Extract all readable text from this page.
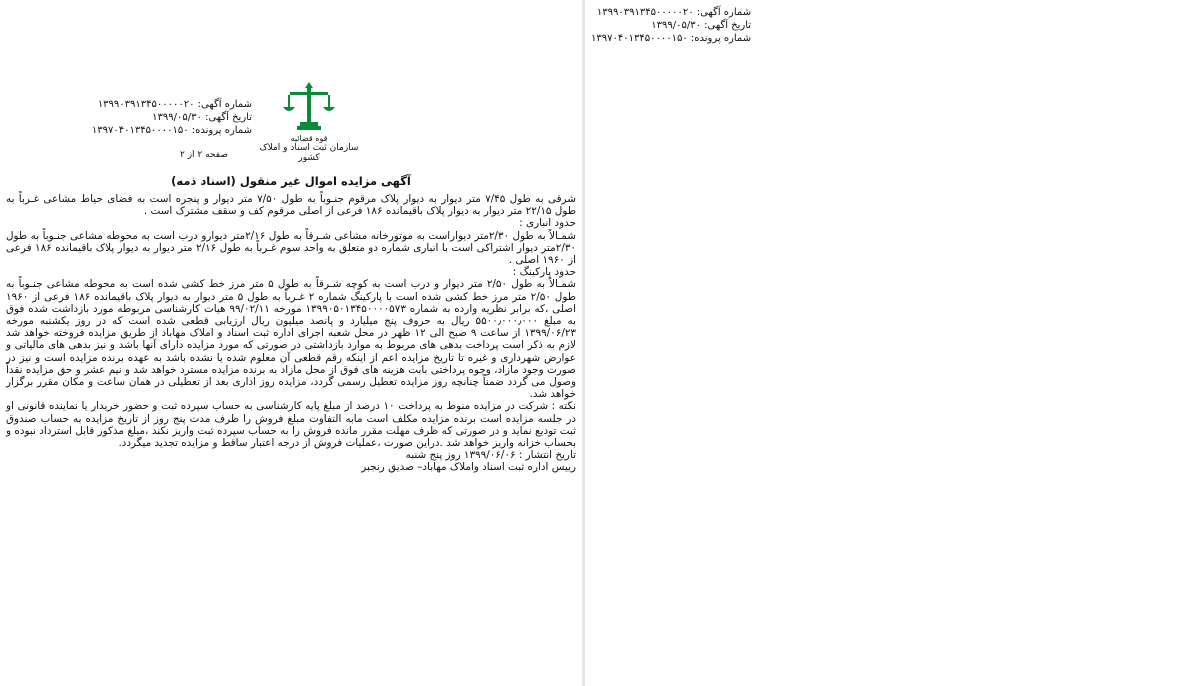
شماره آگهی: ۱۳۹۹۰۳۹۱۳۴۵۰۰۰۰۰۲۰
تاریخ آگهی: ۱۳۹۹/۰۵/۳۰
شماره پرونده: ۱۳۹۷۰۴۰۱۳۴۵۰۰۰۰۱۵۰
قوه قضائیه
سازمان ثبت اسناد و املاک کشور
صفحه ۲ از ۲
آگهی مزایده اموال غیر منقول (اسناد ذمه)

شرقی به طول ۷/۴۵ متر دیوار به دیوار پلاک مرقوم جنـوباً به طول ۷/۵۰ متر دیوار و پنجره است به فضای حیاط مشاعی غـرباً به طول ۲۲/۱۵ متر دیوار به دیوار پلاک باقیمانده ۱۸۶ فرعی از اصلی مرقوم کف و سقف مشترک است .

حدود انباری :

شمـالاً به طول ۲/۳۰متر دیواراست به موتورخانه مشاعی شـرقاً به طول ۲/۱۶متر دیوارو درب است به محوطه مشاعی جنـوباً به طول ۲/۳۰متر دیوار اشتراکی است با انباری شماره دو متعلق به واحد سوم غـرباً به طول ۲/۱۶ متر دیوار به دیوار پلاک باقیمانده ۱۸۶ فرعی از ۱۹۶۰ اصلی .

حدود پارکینگ :

شمـالاً به طول ۲/۵۰ متر دیوار و درب است به کوچه شـرقاً به طول ۵ متر مرز خط کشی شده است به محوطه مشاعی جنـوباً به طول ۲/۵۰ متر مرز خط کشی شده است با پارکینگ شماره ۲ غـرباً به طول ۵ متر دیوار به دیوار پلاک باقیمانده ۱۸۶ فرعی از ۱۹۶۰ اصلی ،که برابر نظریه وارده به شماره ۱۳۹۹۰۵۰۱۳۴۵۰۰۰۰۵۷۳ مورخه ۹۹/۰۲/۱۱ هیات کارشناسی مربوطه مورد بازداشت شده فوق به مبلغ ۵۵۰۰٫۰۰۰٫۰۰۰ ریال به حروف پنج میلیارد و پانصد میلیون ریال ارزیابی قطعی شده است که در روز یکشنبه مورخه ۱۳۹۹/۰۶/۲۳ از ساعت ۹ صبح الی ۱۲ ظهر در محل شعبه اجرای اداره ثبت اسناد و املاک مهاباد از طریق مزایده فروخته خواهد شد لازم به ذکر است پرداخت بدهی های مربوط به موارد بازداشتی در صورتی که مورد مزایده دارای آنها باشد و نیز بدهی های مالیاتی و عوارض شهرداری و غیره تا تاریخ مزایده اعم از اینکه رقم قطعی آن معلوم شده یا نشده باشد به عهده برنده مزایده است و نیز در صورت وجود مازاد، وجوه پرداختی بابت هزینه های فوق از محل مازاد به برنده مزایده مسترد خواهد شد و نیم عشر و حق مزایده نقداً وصول می گردد ضمناً چنانچه روز مزایده تعطیل رسمی گردد، مزایده روز اداری بعد از تعطیلی در همان ساعت و مکان مقرر برگزار خواهد شد.

نکته : شرکت در مزایده منوط به پرداخت ۱۰ درصد از مبلغ پایه کارشناسی به حساب سپرده ثبت و حضور خریدار یا نماینده قانونی او در جلسه مزایده است برنده مزایده مکلف است مابه التفاوت مبلغ فروش را ظرف مدت پنج روز از تاریخ مزایده به حساب صندوق ثبت تودیع نماید و در صورتی که ظرف مهلت مقرر مانده فروش را به حساب سپرده ثبت واریز نکند ،مبلغ مذکور قابل استرداد نبوده و بحساب خزانه واریز خواهد شد .دراین صورت ،عملیات فروش از درجه اعتبار ساقط و مزایده تجدید میگردد.

تاریخ انتشار : ۱۳۹۹/۰۶/۰۶ روز پنج شنبه

رییس اداره ثبت اسناد واملاک مهاباد– صدیق رنجبر

شماره آگهی: ۱۳۹۹۰۳۹۱۳۴۵۰۰۰۰۰۲۰
تاریخ آگهی: ۱۳۹۹/۰۵/۳۰
شماره پرونده: ۱۳۹۷۰۴۰۱۳۴۵۰۰۰۰۱۵۰
